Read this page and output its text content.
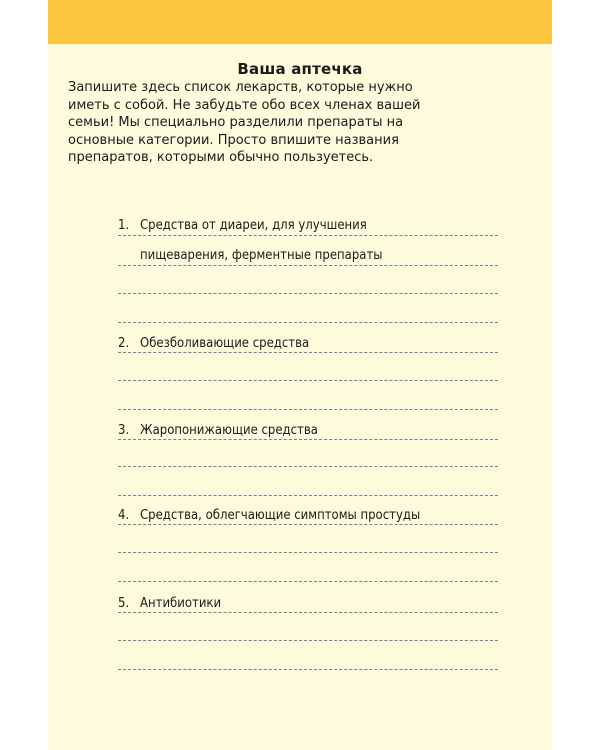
Ваша аптечка
Запишите здесь список лекарств, которые нужно
иметь с собой. Не забудьте обо всех членах вашей
семьи! Мы специально разделили препараты на
основные категории. Просто впишите названия
препаратов, которыми обычно пользуетесь.
1. Средства от диареи, для улучшения
пищеварения, ферментные препараты
2. Обезболивающие средства
3. Жаропонижающие средства
4. Средства, облегчающие симптомы простуды
5. Антибиотики
